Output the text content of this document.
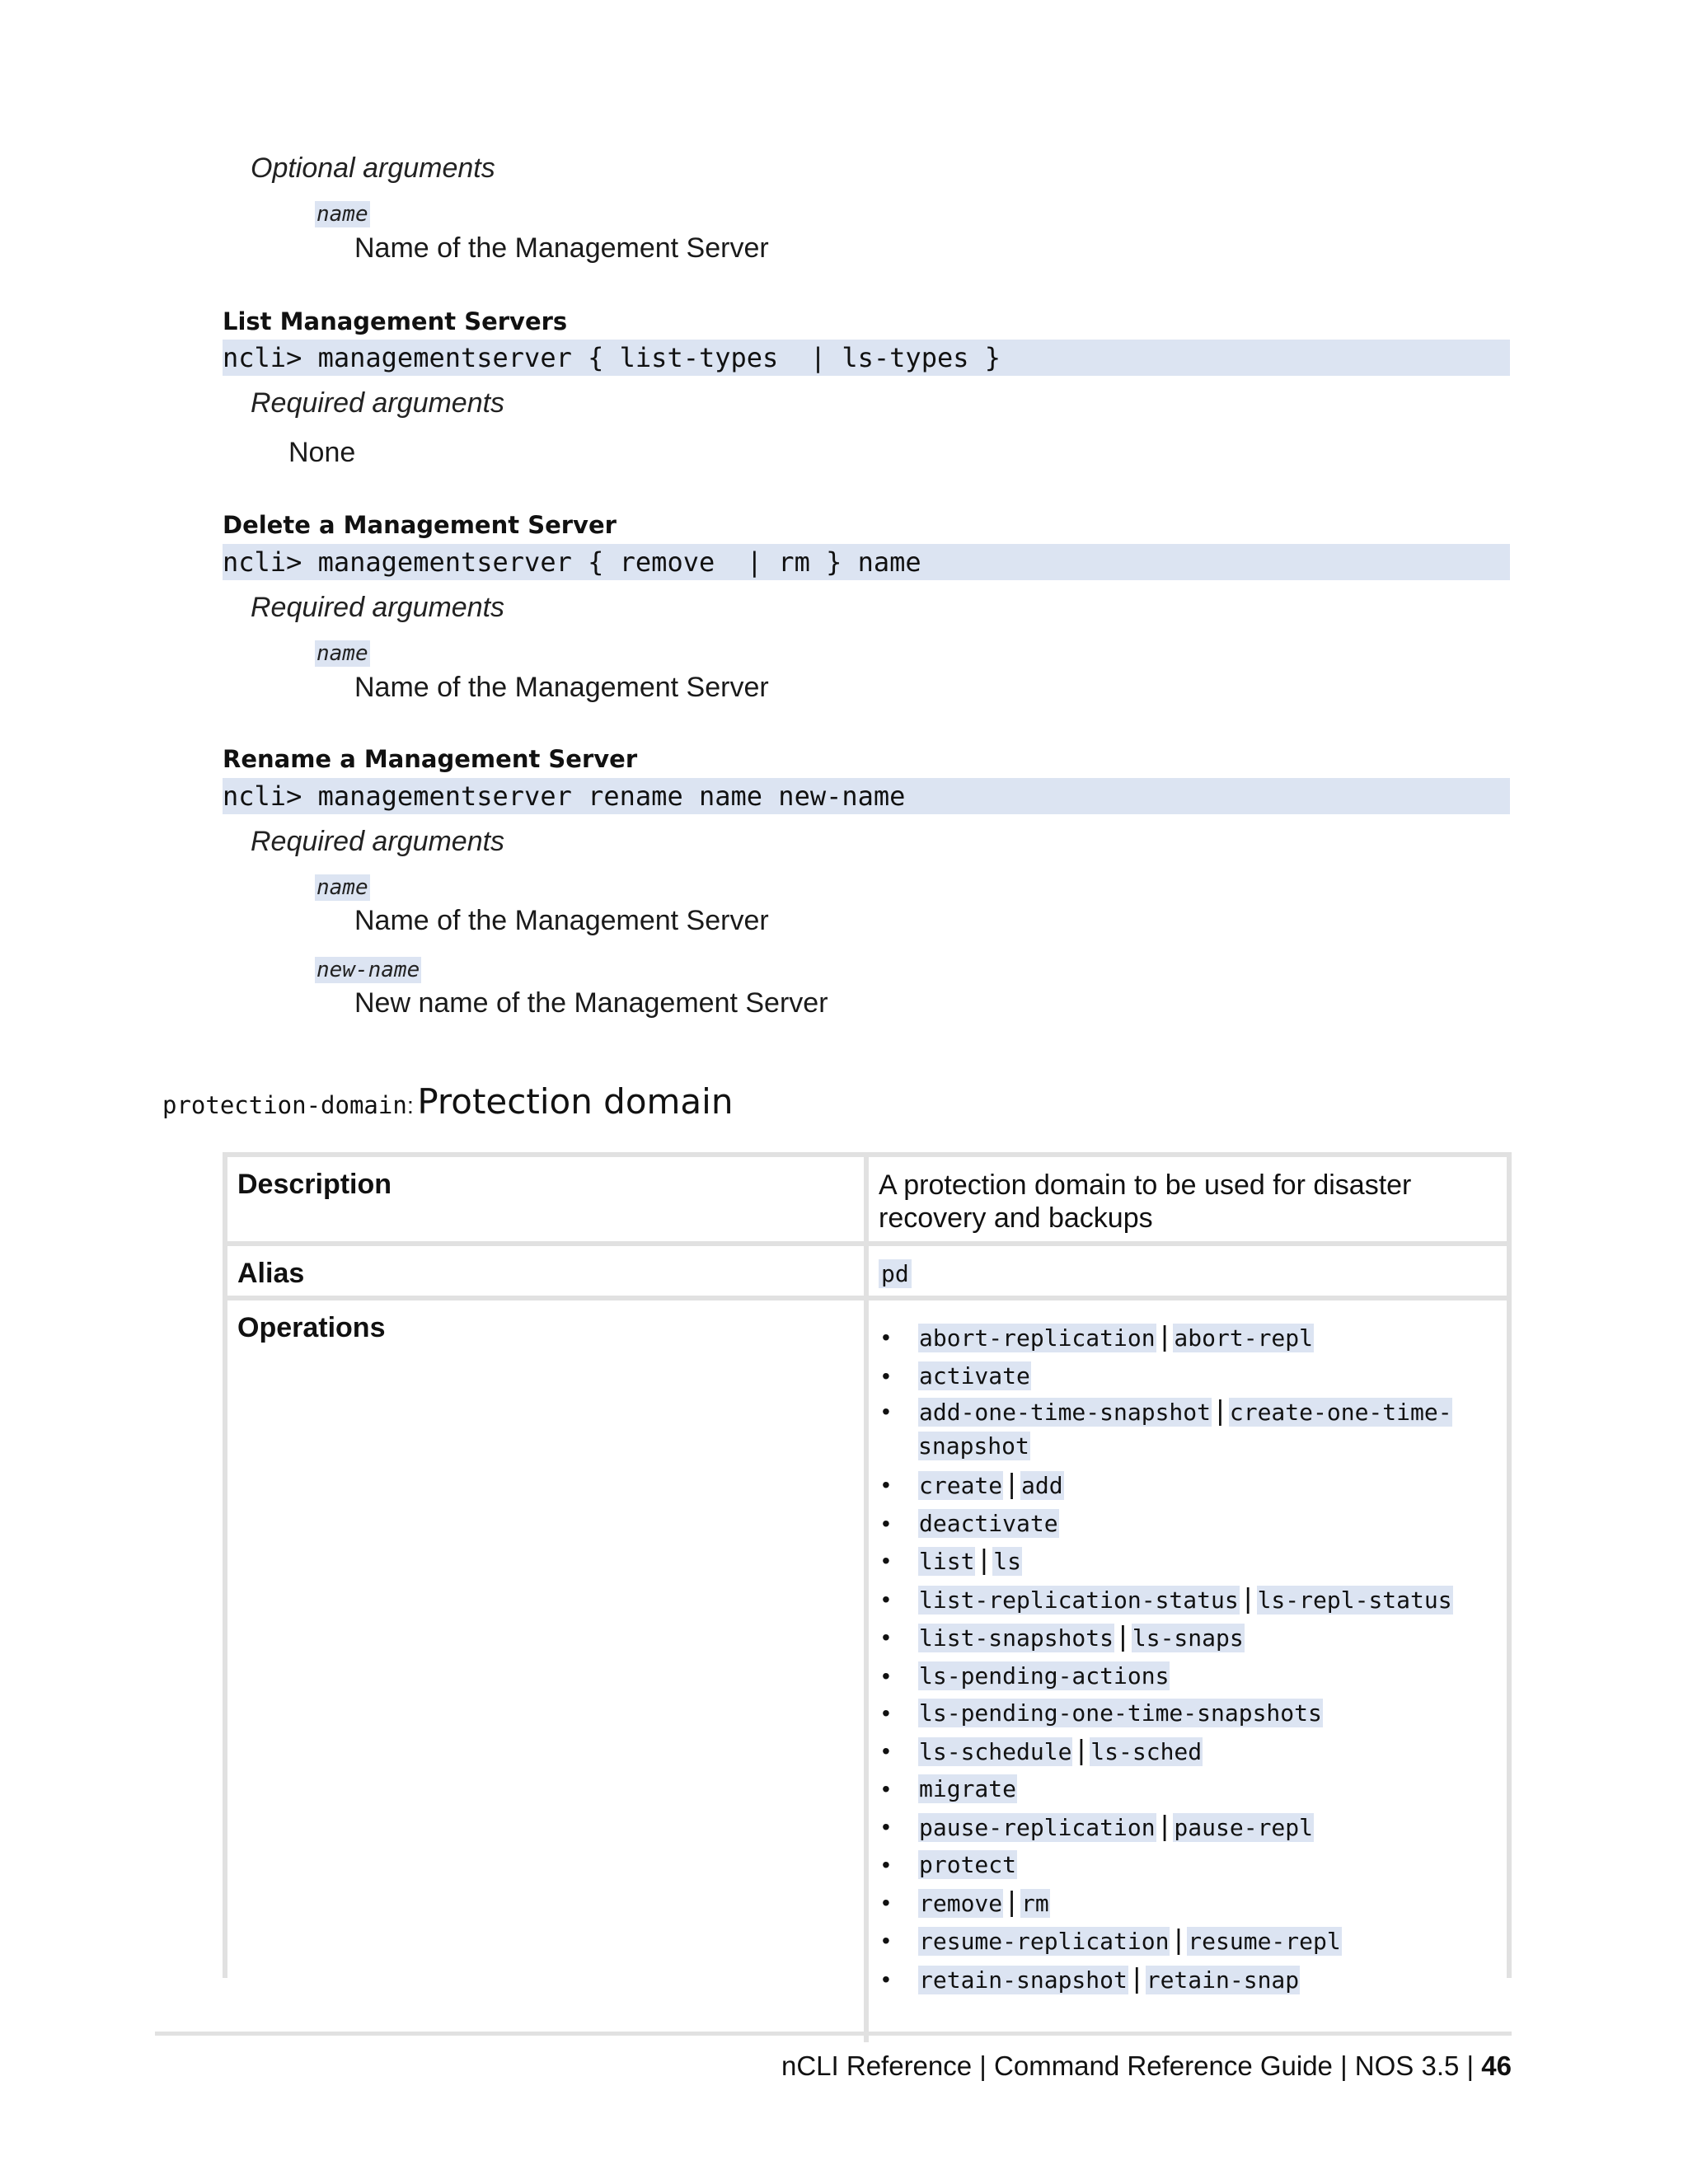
Optional arguments
name
Name of the Management Server
List Management Servers
ncli> managementserver { list-types  | ls-types }
Required arguments
None
Delete a Management Server
ncli> managementserver { remove  | rm } name
Required arguments
name
Name of the Management Server
Rename a Management Server
ncli> managementserver rename name new-name
Required arguments
name
Name of the Management Server
new-name
New name of the Management Server
protection-domain: Protection domain
Description	A protection domain to be used for disaster recovery and backups
Alias	pd
Operations
•	abort-replication | abort-repl
• activate
• add-one-time-snapshot | create-one-time-snapshot
• create | add
• deactivate
• list | ls
• list-replication-status | ls-repl-status
• list-snapshots | ls-snaps
• ls-pending-actions
• ls-pending-one-time-snapshots
• ls-schedule | ls-sched
• migrate
• pause-replication | pause-repl
• protect
• remove | rm
• resume-replication | resume-repl
• retain-snapshot | retain-snap
nCLI Reference | Command Reference Guide | NOS 3.5 | 46
